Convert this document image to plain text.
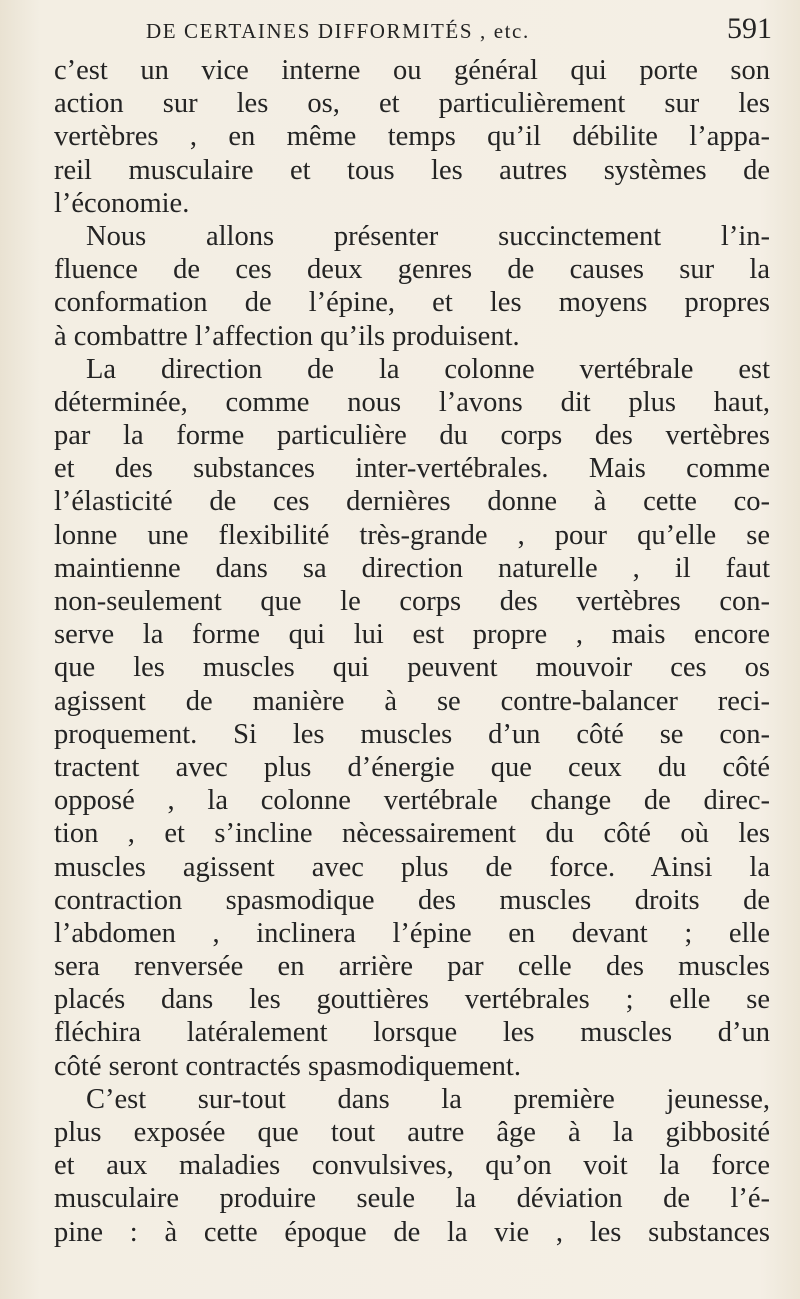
DE CERTAINES DIFFORMITÉS , etc.	591
c’est un vice interne ou général qui porte son
action sur les os, et particulièrement sur les
vertèbres , en même temps qu’il débilite l’appa-
reil musculaire et tous les autres systèmes de
l’économie.
Nous allons présenter succinctement l’in-
fluence de ces deux genres de causes sur la
conformation de l’épine, et les moyens propres
à combattre l’affection qu’ils produisent.
La direction de la colonne vertébrale est
déterminée, comme nous l’avons dit plus haut,
par la forme particulière du corps des vertèbres
et des substances inter-vertébrales. Mais comme
l’élasticité de ces dernières donne à cette co-
lonne une flexibilité très-grande , pour qu’elle se
maintienne dans sa direction naturelle , il faut
non-seulement que le corps des vertèbres con-
serve la forme qui lui est propre , mais encore
que les muscles qui peuvent mouvoir ces os
agissent de manière à se contre-balancer reci-
proquement. Si les muscles d’un côté se con-
tractent avec plus d’énergie que ceux du côté
opposé , la colonne vertébrale change de direc-
tion , et s’incline nècessairement du côté où les
muscles agissent avec plus de force. Ainsi la
contraction spasmodique des muscles droits de
l’abdomen , inclinera l’épine en devant ; elle
sera renversée en arrière par celle des muscles
placés dans les gouttières vertébrales ; elle se
fléchira latéralement lorsque les muscles d’un
côté seront contractés spasmodiquement.
C’est sur-tout dans la première jeunesse,
plus exposée que tout autre âge à la gibbosité
et aux maladies convulsives, qu’on voit la force
musculaire produire seule la déviation de l’é-
pine : à cette époque de la vie , les substances
